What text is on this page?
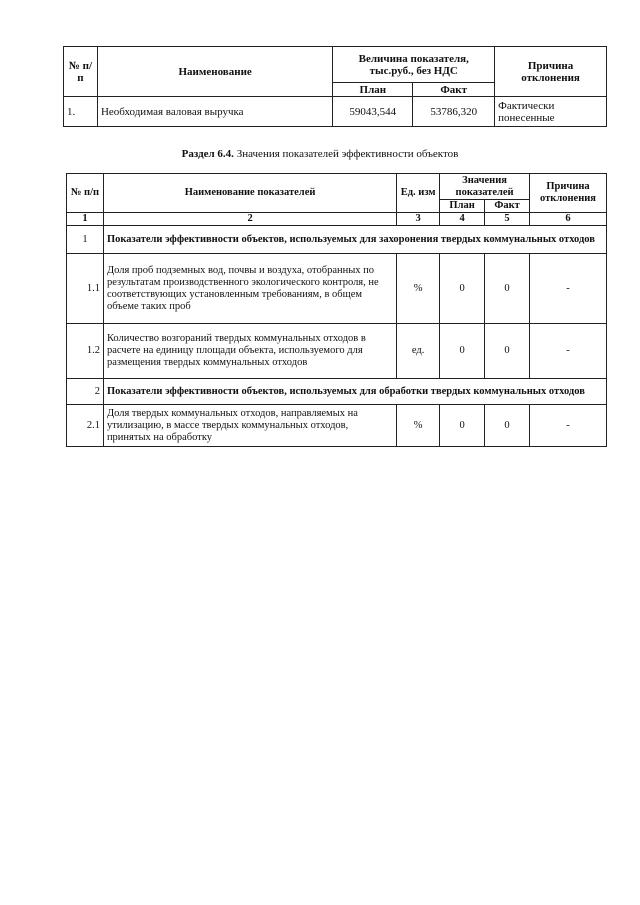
№ п/п	Наименование	Величина показателя, тыс.руб., без НДС		Причина отклонения
		План	Факт	
1.	Необходимая валовая выручка	59043,544	53786,320	Фактически понесенные
Раздел 6.4. Значения показателей эффективности объектов
№ п/п	Наименование показателей	Ед. изм	Значения показателей		Причина отклонения
			План	Факт	
1	2	3	4	5	6
1	Показатели эффективности объектов, используемых для захоронения твердых коммунальных отходов				
1.1	Доля проб подземных вод, почвы и воздуха, отобранных по результатам производственного экологического контроля, не соответствующих установленным требованиям, в общем объеме таких проб	%	0	0	-
1.2	Количество возгораний твердых коммунальных отходов в расчете на единицу площади объекта, используемого для размещения твердых коммунальных отходов	ед.	0	0	-
2	Показатели эффективности объектов, используемых для обработки твердых коммунальных отходов				
2.1	Доля твердых коммунальных отходов, направляемых на утилизацию, в массе твердых коммунальных отходов, принятых на обработку	%	0	0	-
